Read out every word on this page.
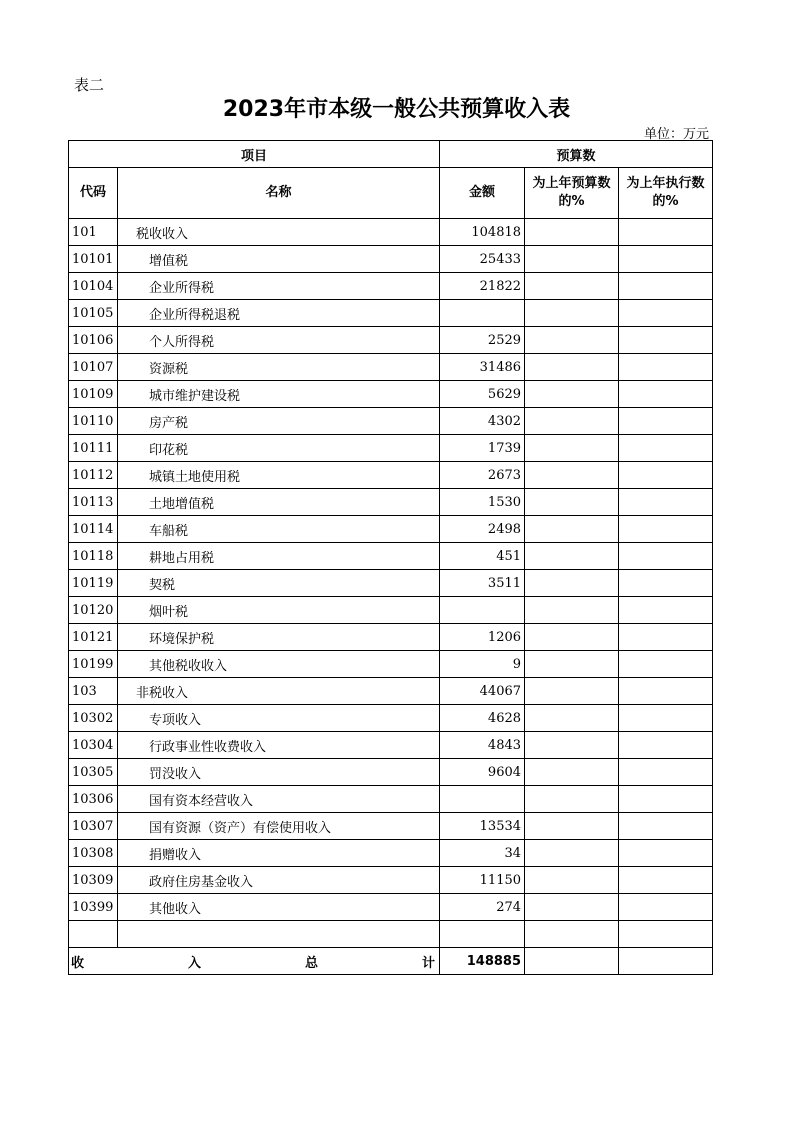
表二
2023年市本级一般公共预算收入表
单位：万元
项目		预算数		
代码	名称	金额	为上年预算数的%	为上年执行数的%
101	税收收入	104818		
10101	增值税	25433		
10104	企业所得税	21822		
10105	企业所得税退税			
10106	个人所得税	2529		
10107	资源税	31486		
10109	城市维护建设税	5629		
10110	房产税	4302		
10111	印花税	1739		
10112	城镇土地使用税	2673		
10113	土地增值税	1530		
10114	车船税	2498		
10118	耕地占用税	451		
10119	契税	3511		
10120	烟叶税			
10121	环境保护税	1206		
10199	其他税收收入	9		
103	非税收入	44067		
10302	专项收入	4628		
10304	行政事业性收费收入	4843		
10305	罚没收入	9604		
10306	国有资本经营收入			
10307	国有资源（资产）有偿使用收入	13534		
10308	捐赠收入	34		
10309	政府住房基金收入	11150		
10399	其他收入	274		

收 入 总 计		148885		
